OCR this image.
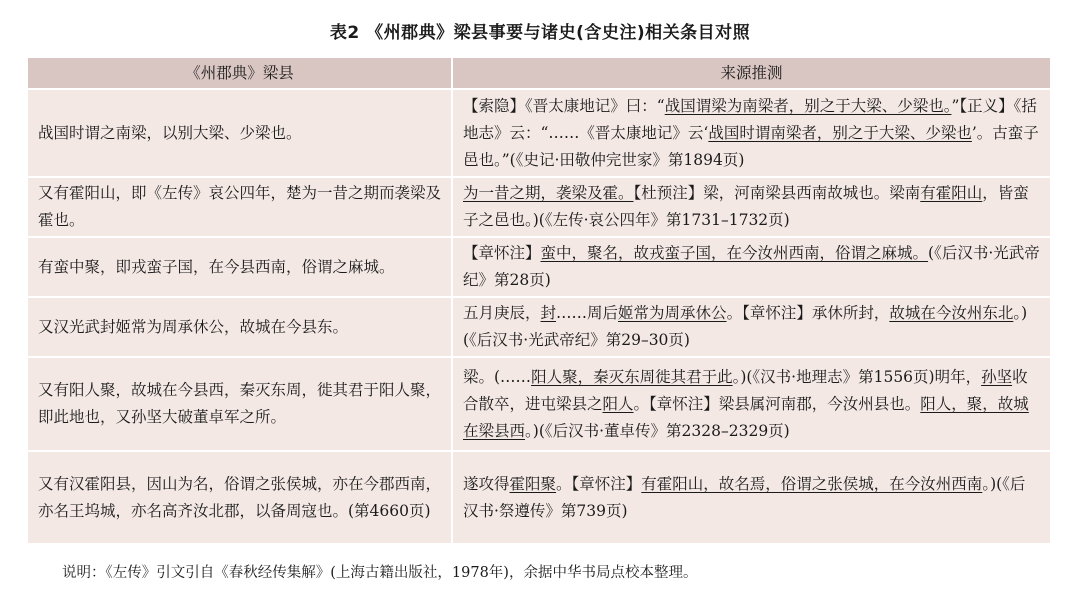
表2 《州郡典》梁县事要与诸史(含史注)相关条目对照
《州郡典》梁县	来源推测
战国时谓之南梁，以别大梁、少梁也。	【索隐】《晋太康地记》曰：“战国谓梁为南梁者，别之于大梁、少梁也。”【正义】《括地志》云：“……《晋太康地记》云‘战国时谓南梁者，别之于大梁、少梁也’。古蛮子邑也。”(《史记·田敬仲完世家》第1894页)
又有霍阳山，即《左传》哀公四年，楚为一昔之期而袭梁及霍也。	为一昔之期，袭梁及霍。【杜预注】梁，河南梁县西南故城也。梁南有霍阳山，皆蛮子之邑也。)(《左传·哀公四年》第1731–1732页)
有蛮中聚，即戎蛮子国，在今县西南，俗谓之麻城。	【章怀注】蛮中，聚名，故戎蛮子国，在今汝州西南，俗谓之麻城。(《后汉书·光武帝纪》第28页)
又汉光武封姬常为周承休公，故城在今县东。	五月庚辰，封……周后姬常为周承休公。【章怀注】承休所封，故城在今汝州东北。)(《后汉书·光武帝纪》第29–30页)
又有阳人聚，故城在今县西，秦灭东周，徙其君于阳人聚，即此地也，又孙坚大破董卓军之所。	梁。(……阳人聚，秦灭东周徙其君于此。)(《汉书·地理志》第1556页)明年，孙坚收合散卒，进屯梁县之阳人。【章怀注】梁县属河南郡，今汝州县也。阳人，聚，故城在梁县西。)(《后汉书·董卓传》第2328–2329页)
又有汉霍阳县，因山为名，俗谓之张侯城，亦在今郡西南，亦名王坞城，亦名高齐汝北郡，以备周寇也。(第4660页)	遂攻得霍阳聚。【章怀注】有霍阳山，故名焉，俗谓之张侯城，在今汝州西南。)(《后汉书·祭遵传》第739页)
说明：《左传》引文引自《春秋经传集解》(上海古籍出版社，1978年)，余据中华书局点校本整理。
